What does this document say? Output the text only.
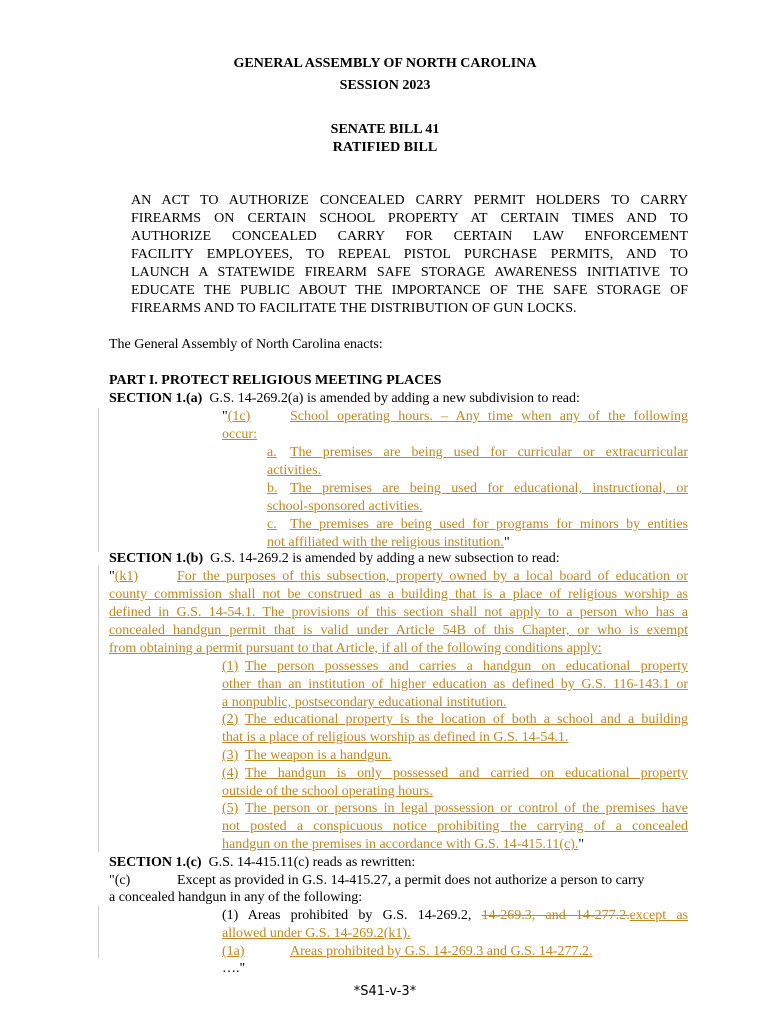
GENERAL ASSEMBLY OF NORTH CAROLINA
SESSION 2023
SENATE BILL 41
RATIFIED BILL
AN ACT TO AUTHORIZE CONCEALED CARRY PERMIT HOLDERS TO CARRY
FIREARMS ON CERTAIN SCHOOL PROPERTY AT CERTAIN TIMES AND TO
AUTHORIZE CONCEALED CARRY FOR CERTAIN LAW ENFORCEMENT
FACILITY EMPLOYEES, TO REPEAL PISTOL PURCHASE PERMITS, AND TO
LAUNCH A STATEWIDE FIREARM SAFE STORAGE AWARENESS INITIATIVE TO
EDUCATE THE PUBLIC ABOUT THE IMPORTANCE OF THE SAFE STORAGE OF
FIREARMS AND TO FACILITATE THE DISTRIBUTION OF GUN LOCKS.
The General Assembly of North Carolina enacts:
PART I. PROTECT RELIGIOUS MEETING PLACES
SECTION 1.(a) G.S. 14-269.2(a) is amended by adding a new subdivision to read:
"(1c)	School operating hours. – Any time when any of the following
occur:
a. The premises are being used for curricular or extracurricular
activities.
b. The premises are being used for educational, instructional, or
school-sponsored activities.
c. The premises are being used for programs for minors by entities
not affiliated with the religious institution."
SECTION 1.(b) G.S. 14-269.2 is amended by adding a new subsection to read:
"(k1)	For the purposes of this subsection, property owned by a local board of education or
county commission shall not be construed as a building that is a place of religious worship as
defined in G.S. 14-54.1. The provisions of this section shall not apply to a person who has a
concealed handgun permit that is valid under Article 54B of this Chapter, or who is exempt
from obtaining a permit pursuant to that Article, if all of the following conditions apply:
(1) The person possesses and carries a handgun on educational property
other than an institution of higher education as defined by G.S. 116-143.1 or
a nonpublic, postsecondary educational institution.
(2) The educational property is the location of both a school and a building
that is a place of religious worship as defined in G.S. 14-54.1.
(3) The weapon is a handgun.
(4) The handgun is only possessed and carried on educational property
outside of the school operating hours.
(5) The person or persons in legal possession or control of the premises have
not posted a conspicuous notice prohibiting the carrying of a concealed
handgun on the premises in accordance with G.S. 14-415.11(c)."
SECTION 1.(c) G.S. 14-415.11(c) reads as rewritten:
"(c)	Except as provided in G.S. 14-415.27, a permit does not authorize a person to carry
a concealed handgun in any of the following:
(1) Areas prohibited by G.S. 14-269.2, 14-269.3, and 14-277.2.except as
allowed under G.S. 14-269.2(k1).
(1a)	Areas prohibited by G.S. 14-269.3 and G.S. 14-277.2.
…."
*S41-v-3*
